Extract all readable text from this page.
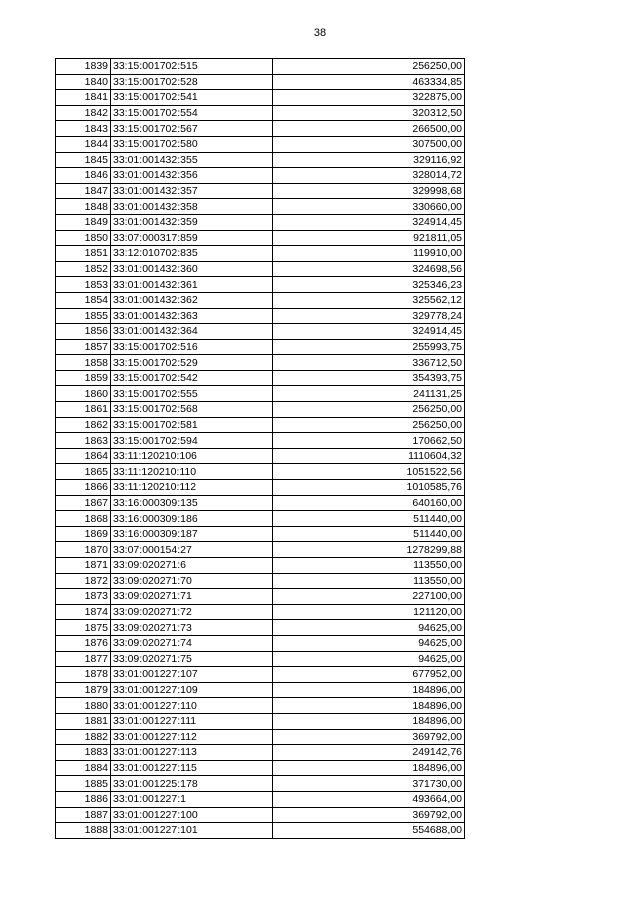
38
1839	33:15:001702:515	256250,00
1840	33:15:001702:528	463334,85
1841	33:15:001702:541	322875,00
1842	33:15:001702:554	320312,50
1843	33:15:001702:567	266500,00
1844	33:15:001702:580	307500,00
1845	33:01:001432:355	329116,92
1846	33:01:001432:356	328014,72
1847	33:01:001432:357	329998,68
1848	33:01:001432:358	330660,00
1849	33:01:001432:359	324914,45
1850	33:07:000317:859	921811,05
1851	33:12:010702:835	119910,00
1852	33:01:001432:360	324698,56
1853	33:01:001432:361	325346,23
1854	33:01:001432:362	325562,12
1855	33:01:001432:363	329778,24
1856	33:01:001432:364	324914,45
1857	33:15:001702:516	255993,75
1858	33:15:001702:529	336712,50
1859	33:15:001702:542	354393,75
1860	33:15:001702:555	241131,25
1861	33:15:001702:568	256250,00
1862	33:15:001702:581	256250,00
1863	33:15:001702:594	170662,50
1864	33:11:120210:106	1110604,32
1865	33:11:120210:110	1051522,56
1866	33:11:120210:112	1010585,76
1867	33:16:000309:135	640160,00
1868	33:16:000309:186	511440,00
1869	33:16:000309:187	511440,00
1870	33:07:000154:27	1278299,88
1871	33:09:020271:6	113550,00
1872	33:09:020271:70	113550,00
1873	33:09:020271:71	227100,00
1874	33:09:020271:72	121120,00
1875	33:09:020271:73	94625,00
1876	33:09:020271:74	94625,00
1877	33:09:020271:75	94625,00
1878	33:01:001227:107	677952,00
1879	33:01:001227:109	184896,00
1880	33:01:001227:110	184896,00
1881	33:01:001227:111	184896,00
1882	33:01:001227:112	369792,00
1883	33:01:001227:113	249142,76
1884	33:01:001227:115	184896,00
1885	33:01:001225:178	371730,00
1886	33:01:001227:1	493664,00
1887	33:01:001227:100	369792,00
1888	33:01:001227:101	554688,00
